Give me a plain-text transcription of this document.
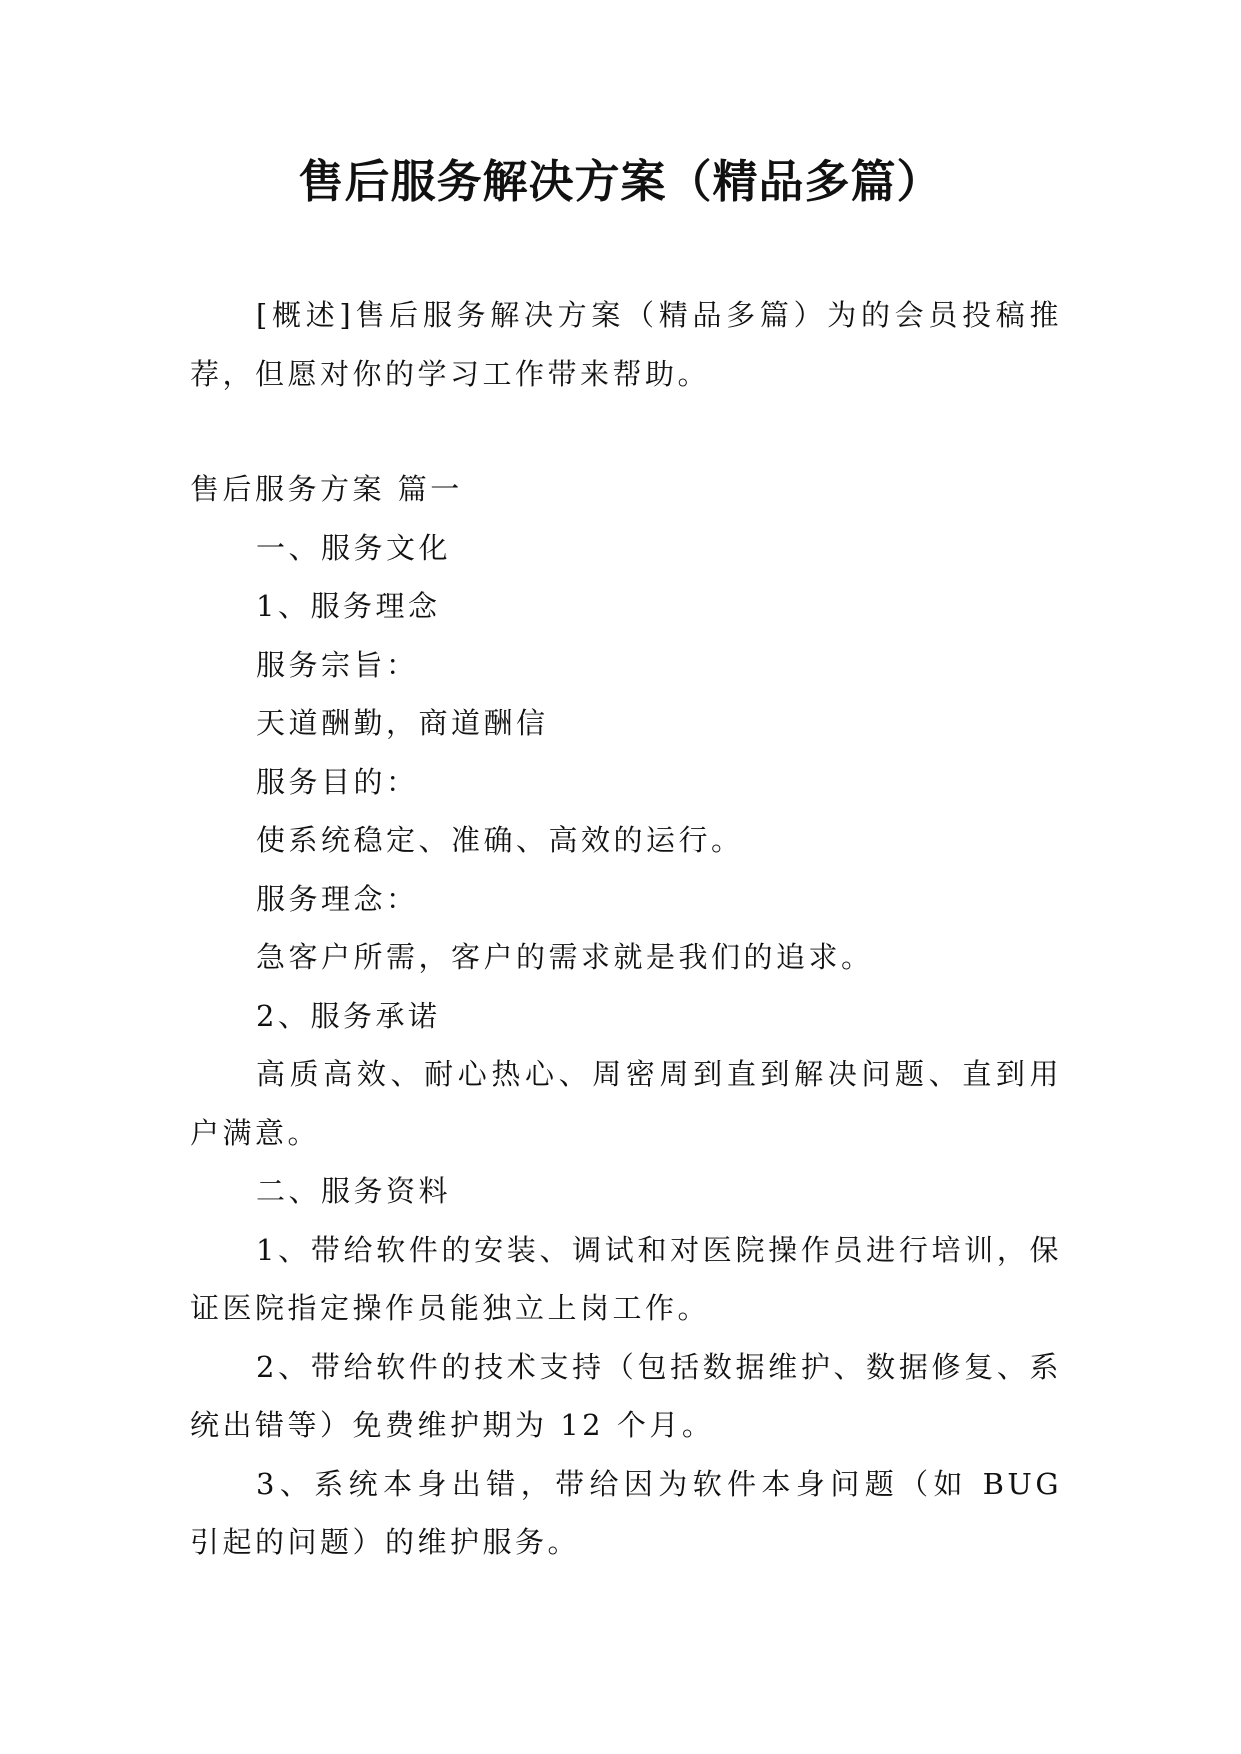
售后服务解决方案（精品多篇）

[概述]售后服务解决方案（精品多篇）为的会员投稿推荐，但愿对你的学习工作带来帮助。

售后服务方案 篇一

一、服务文化

1、服务理念

服务宗旨：

天道酬勤，商道酬信

服务目的：

使系统稳定、准确、高效的运行。

服务理念：

急客户所需，客户的需求就是我们的追求。

2、服务承诺

高质高效、耐心热心、周密周到直到解决问题、直到用户满意。

二、服务资料

1、带给软件的安装、调试和对医院操作员进行培训，保证医院指定操作员能独立上岗工作。

2、带给软件的技术支持（包括数据维护、数据修复、系统出错等）免费维护期为 12 个月。

3、系统本身出错，带给因为软件本身问题（如 BUG 引起的问题）的维护服务。
